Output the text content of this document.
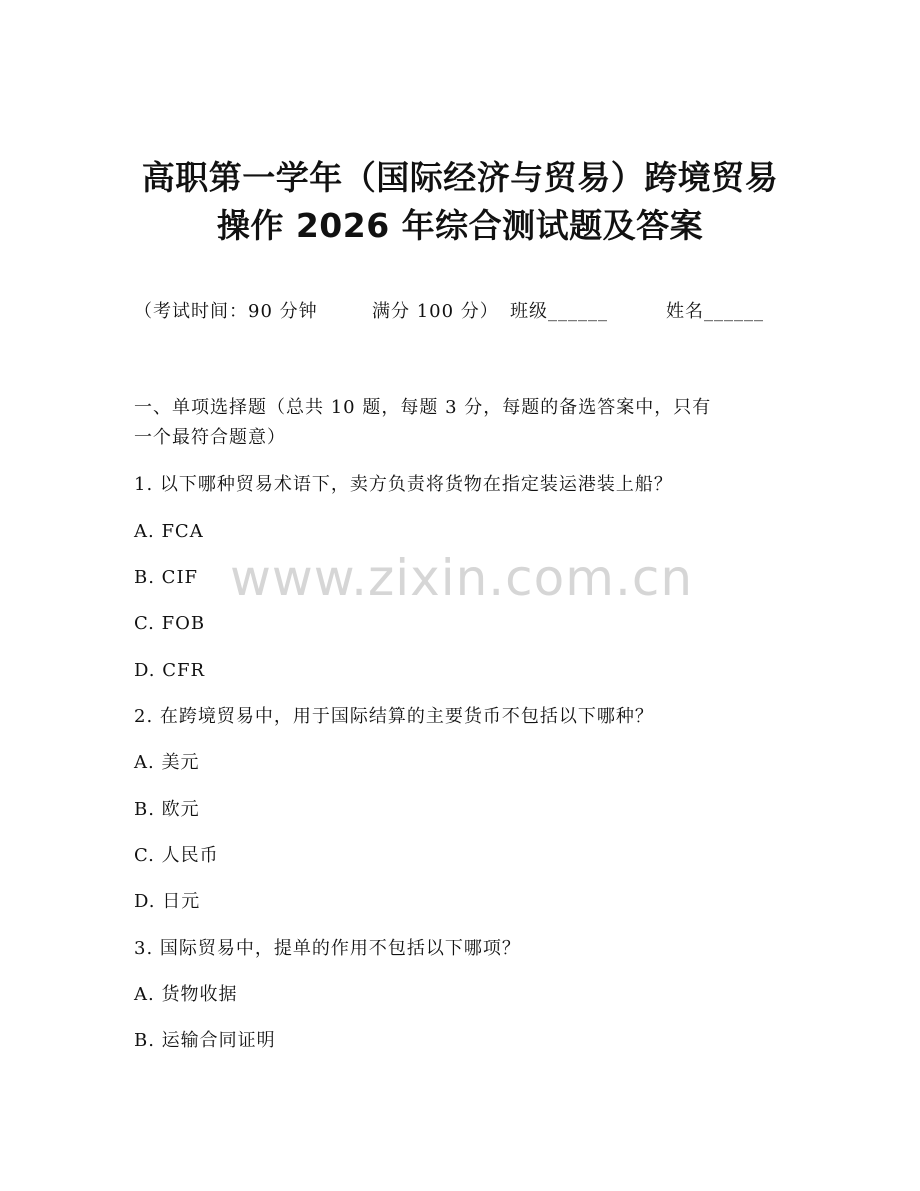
高职第一学年（国际经济与贸易）跨境贸易
操作 2026 年综合测试题及答案
（考试时间：90 分钟	满分 100 分） 班级______	姓名______
一、单项选择题（总共 10 题，每题 3 分，每题的备选答案中，只有
一个最符合题意）
1. 以下哪种贸易术语下，卖方负责将货物在指定装运港装上船？
A. FCA
B. CIF
C. FOB
D. CFR
2. 在跨境贸易中，用于国际结算的主要货币不包括以下哪种？
A. 美元
B. 欧元
C. 人民币
D. 日元
3. 国际贸易中，提单的作用不包括以下哪项？
A. 货物收据
B. 运输合同证明
www.zixin.com.cn
